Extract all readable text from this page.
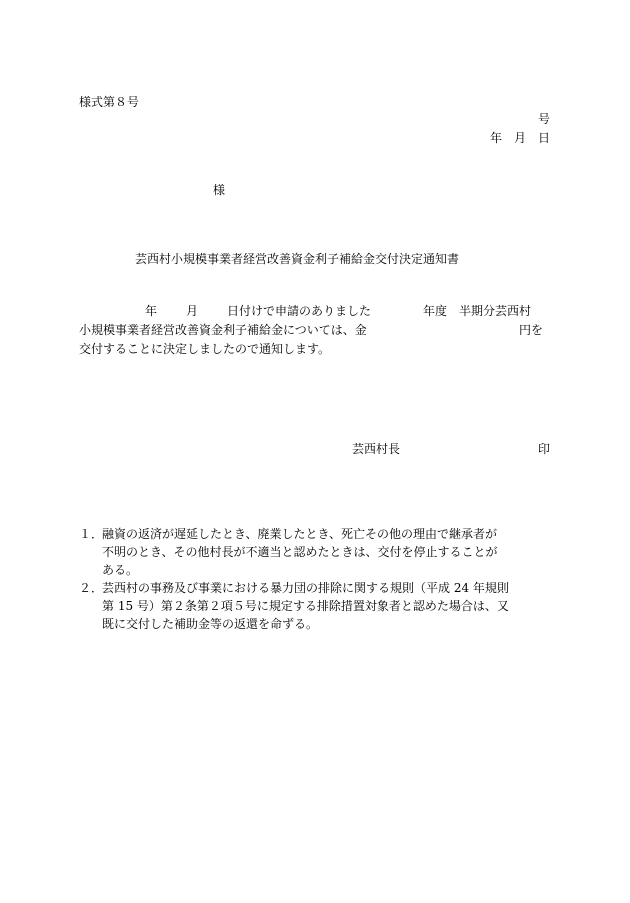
様式第８号
号
年　月　日
様
芸西村小規模事業者経営改善資金利子補給金交付決定通知書

年

月

日付けで申請のありました

	年度　半期分芸西村

小規模事業者経営改善資金利子補給金については、金

	円を

交付することに決定しましたので通知します。
芸西村長	印
１．
融資の返済が遅延したとき、廃業したとき、死亡その他の理由で継承者が
不明のとき、その他村長が不適当と認めたときは、交付を停止することが
ある。
２．
芸西村の事務及び事業における暴力団の排除に関する規則（平成 24 年規則
第 15 号）第２条第２項５号に規定する排除措置対象者と認めた場合は、又
既に交付した補助金等の返還を命ずる。
